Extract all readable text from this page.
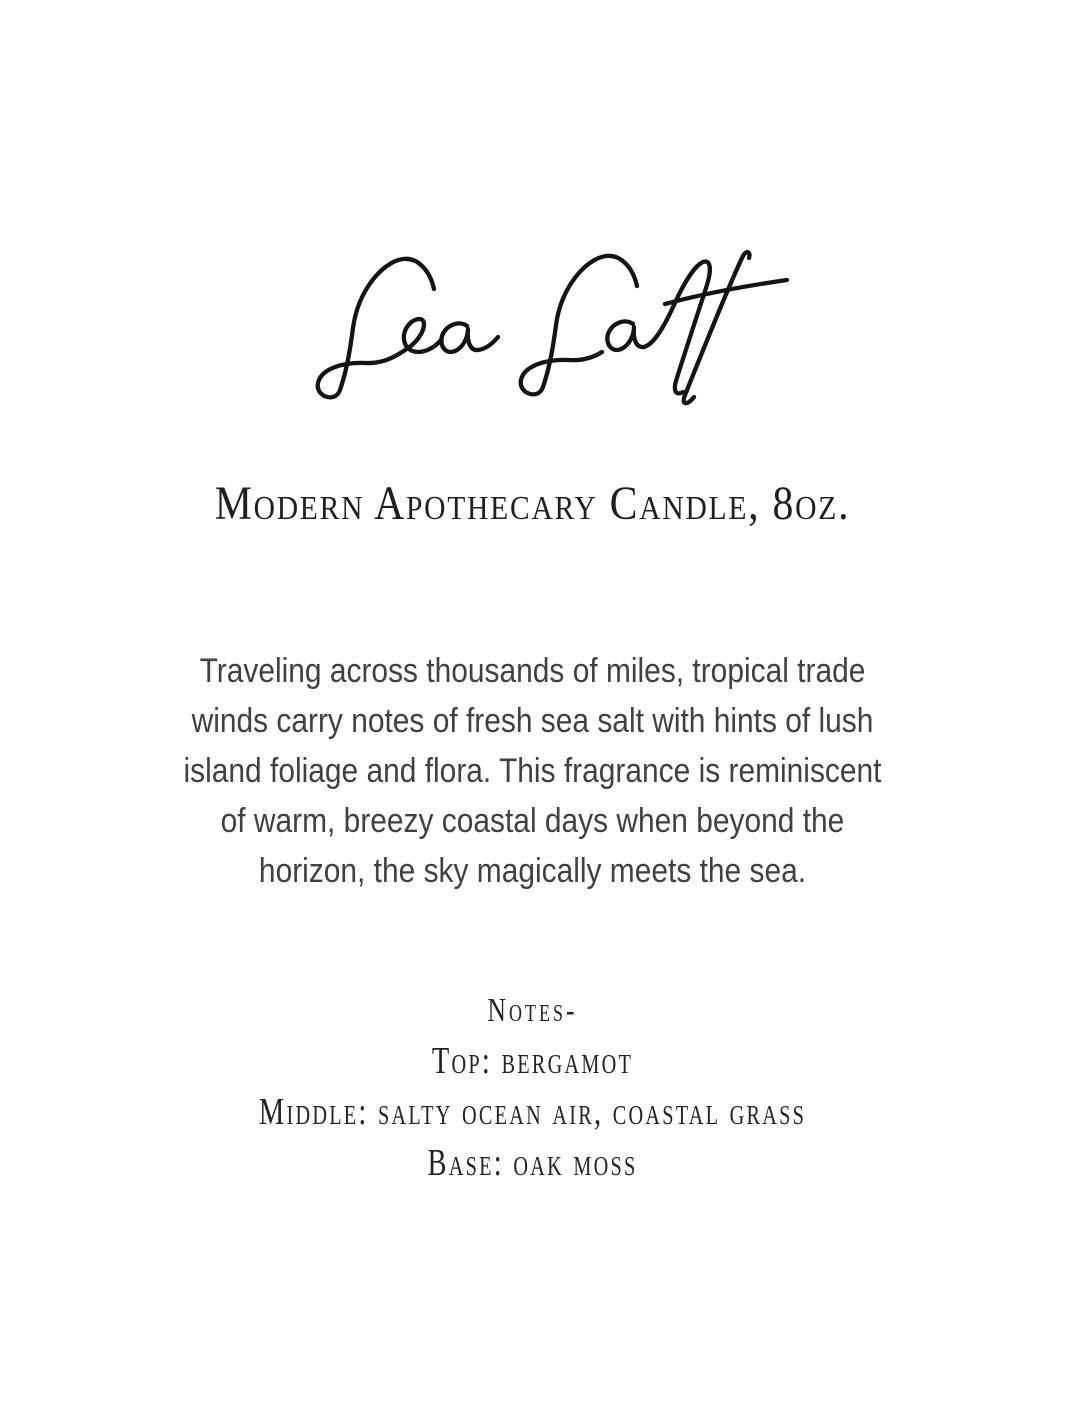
Modern Apothecary Candle, 8oz.
Traveling across thousands of miles, tropical trade
winds carry notes of fresh sea salt with hints of lush
island foliage and flora. This fragrance is reminiscent
of warm, breezy coastal days when beyond the
horizon, the sky magically meets the sea.
Notes-
Top: bergamot
Middle: salty ocean air, coastal grass
Base: oak moss
